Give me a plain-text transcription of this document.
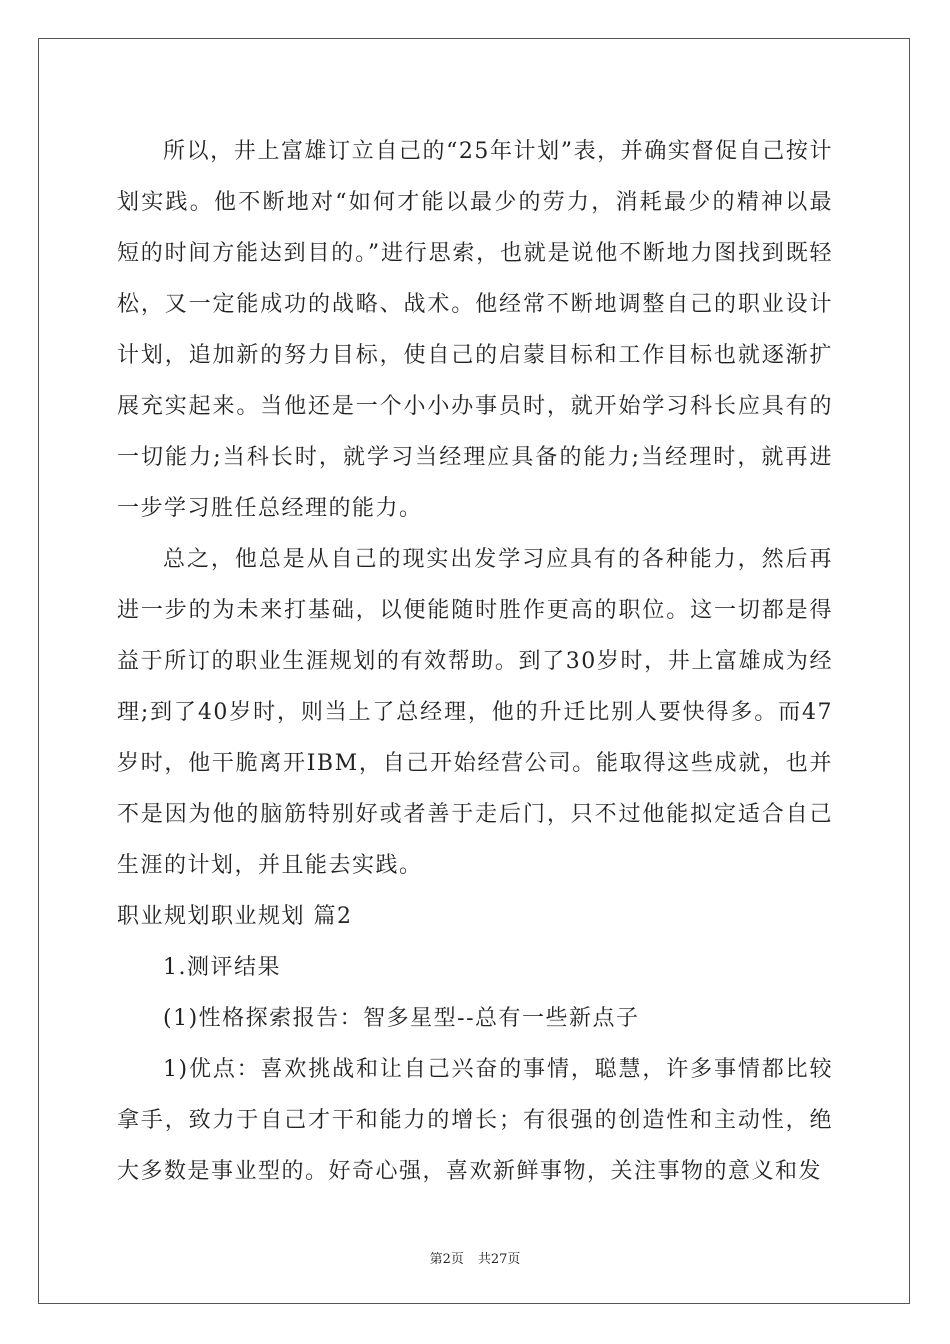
所以，井上富雄订立自己的“25年计划”表，并确实督促自己按计划实践。他不断地对“如何才能以最少的劳力，消耗最少的精神以最短的时间方能达到目的。”进行思索，也就是说他不断地力图找到既轻松，又一定能成功的战略、战术。他经常不断地调整自己的职业设计计划，追加新的努力目标，使自己的启蒙目标和工作目标也就逐渐扩展充实起来。当他还是一个小小办事员时，就开始学习科长应具有的一切能力;当科长时，就学习当经理应具备的能力;当经理时，就再进一步学习胜任总经理的能力。

总之，他总是从自己的现实出发学习应具有的各种能力，然后再进一步的为未来打基础，以便能随时胜作更高的职位。这一切都是得益于所订的职业生涯规划的有效帮助。到了30岁时，井上富雄成为经理;到了40岁时，则当上了总经理，他的升迁比别人要快得多。而47岁时，他干脆离开IBM，自己开始经营公司。能取得这些成就，也并不是因为他的脑筋特别好或者善于走后门，只不过他能拟定适合自己生涯的计划，并且能去实践。

职业规划职业规划 篇2

1.测评结果

(1)性格探索报告：智多星型--总有一些新点子

1)优点：喜欢挑战和让自己兴奋的事情，聪慧，许多事情都比较拿手，致力于自己才干和能力的增长；有很强的创造性和主动性，绝大多数是事业型的。好奇心强，喜欢新鲜事物，关注事物的意义和发

第2页 共27页
